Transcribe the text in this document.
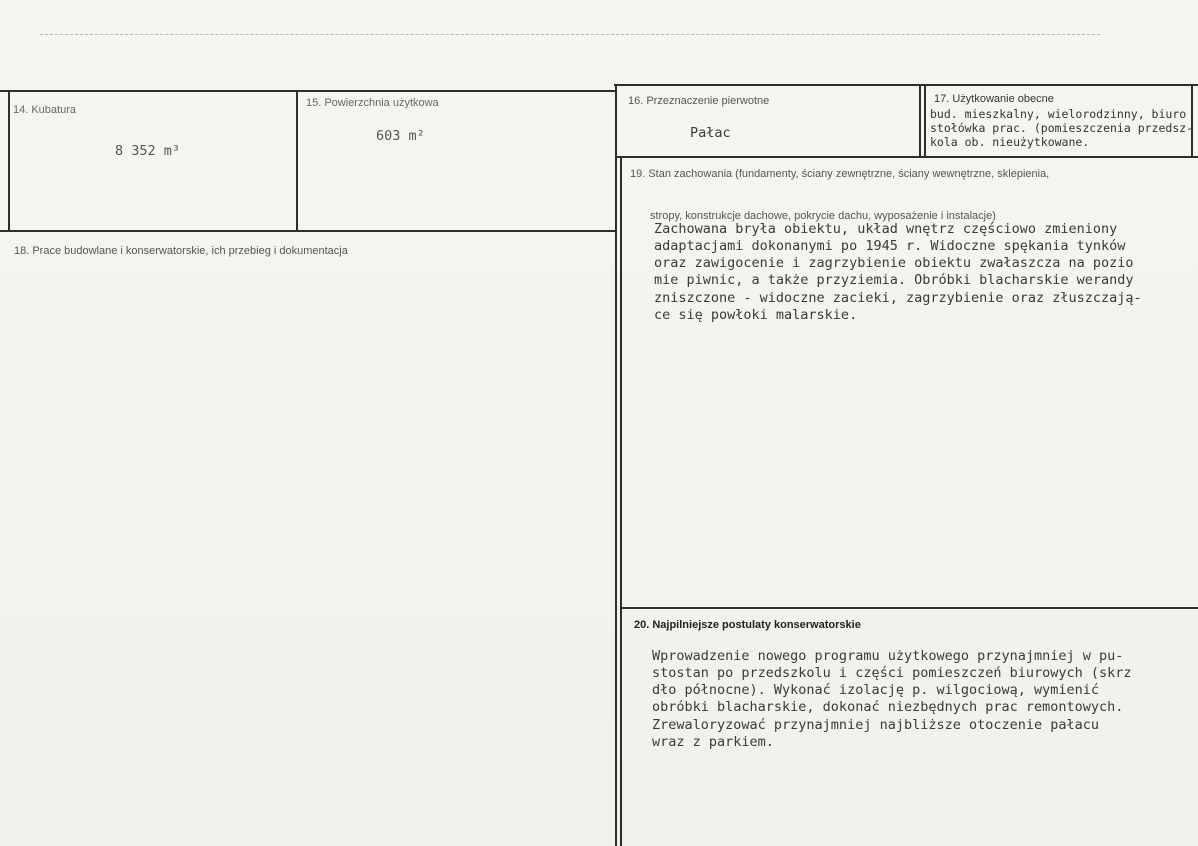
14. Kubatura
8 352 m³
15. Powierzchnia użytkowa
603 m²
16. Przeznaczenie pierwotne
Pałac
17. Użytkowanie obecne
bud. mieszkalny, wielorodzinny, biuro
stołówka prac. (pomieszczenia przedsz-
kola ob. nieużytkowane.
18. Prace budowlane i konserwatorskie, ich przebieg i dokumentacja
19. Stan zachowania (fundamenty, ściany zewnętrzne, ściany wewnętrzne, sklepienia,
stropy, konstrukcje dachowe, pokrycie dachu, wyposażenie i instalacje)
Zachowana bryła obiektu, układ wnętrz częściowo zmieniony
adaptacjami dokonanymi po 1945 r. Widoczne spękania tynków
oraz zawigocenie i zagrzybienie obiektu zwałaszcza na pozio
mie piwnic, a także przyziemia. Obróbki blacharskie werandy
zniszczone - widoczne zacieki, zagrzybienie oraz złuszczają-
ce się powłoki malarskie.
20. Najpilniejsze postulaty konserwatorskie
Wprowadzenie nowego programu użytkowego przynajmniej w pu-
stostan po przedszkolu i części pomieszczeń biurowych (skrz
dło północne). Wykonać izolację p. wilgociową, wymienić
obróbki blacharskie, dokonać niezbędnych prac remontowych.
Zrewaloryzować przynajmniej najbliższe otoczenie pałacu
wraz z parkiem.
